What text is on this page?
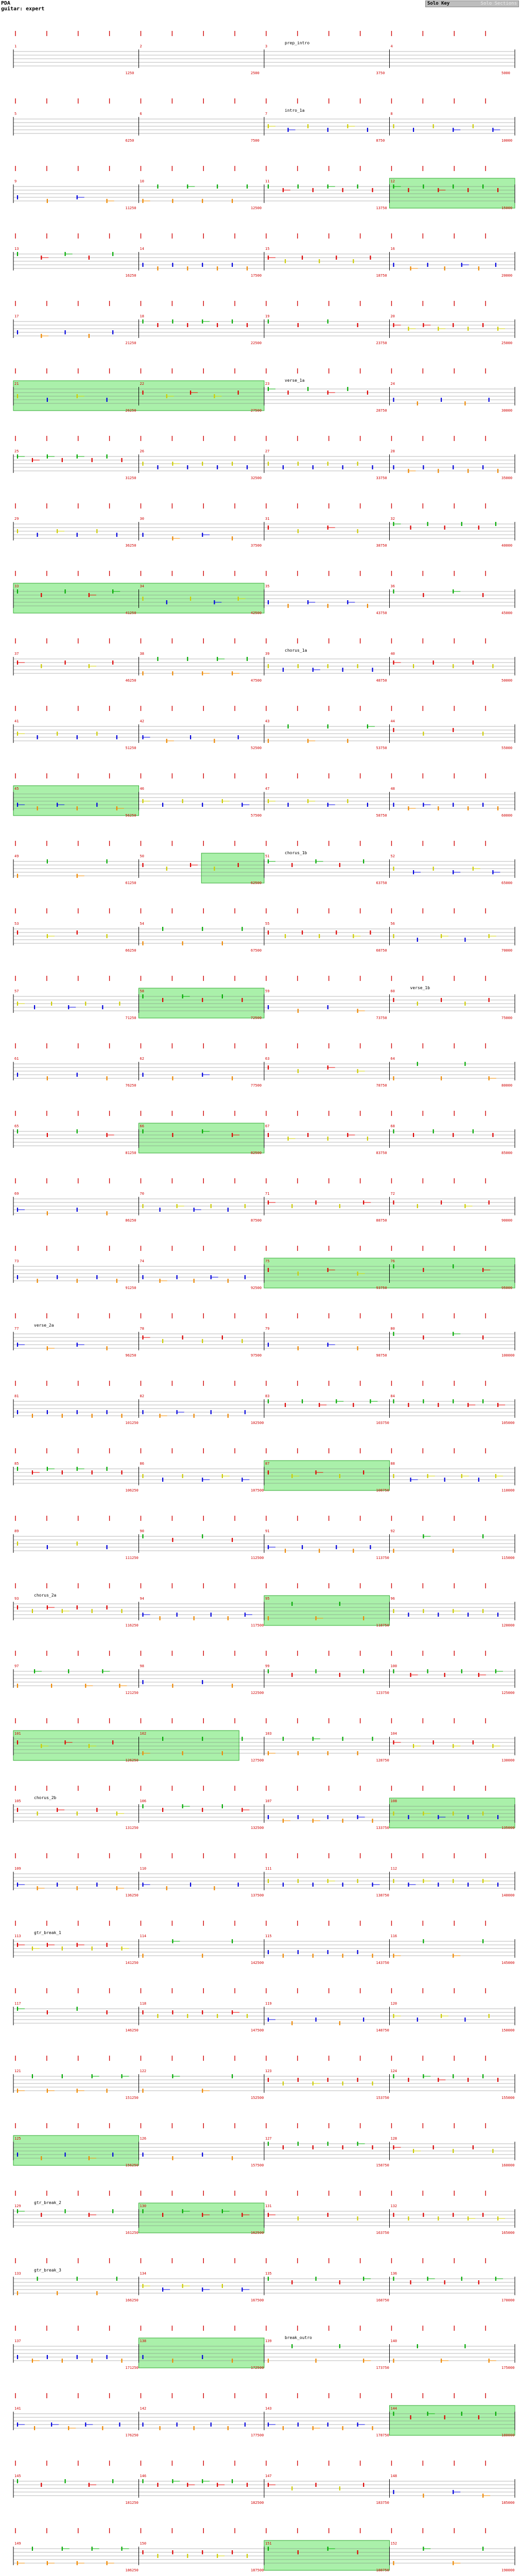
PDA
guitar: expert
Solo Key	Solo Sections
1
1250
2
2500
3
3750
4
5000
prep_intro
5
6250
6
7500
7
8750
8
10000
intro_1a
9
11250
10
12500
11
13750
12
15000
13
16250
14
17500
15
18750
16
20000
17
21250
18
22500
19
23750
20
25000
21
26250
22
27500
23
28750
24
30000
verse_1a
25
31250
26
32500
27
33750
28
35000
29
36250
30
37500
31
38750
32
40000
33
41250
34
42500
35
43750
36
45000
37
46250
38
47500
39
48750
40
50000
chorus_1a
41
51250
42
52500
43
53750
44
55000
45
56250
46
57500
47
58750
48
60000
49
61250
50
62500
51
63750
52
65000
chorus_1b
53
66250
54
67500
55
68750
56
70000
57
71250
58
72500
59
73750
60
75000
verse_1b
61
76250
62
77500
63
78750
64
80000
65
81250
66
82500
67
83750
68
85000
69
86250
70
87500
71
88750
72
90000
73
91250
74
92500
75
93750
76
95000
77
96250
78
97500
79
98750
80
100000
verse_2a
81
101250
82
102500
83
103750
84
105000
85
106250
86
107500
87
108750
88
110000
89
111250
90
112500
91
113750
92
115000
93
116250
94
117500
95
118750
96
120000
chorus_2a
97
121250
98
122500
99
123750
100
125000
101
126250
102
127500
103
128750
104
130000
105
131250
106
132500
107
133750
108
135000
chorus_2b
109
136250
110
137500
111
138750
112
140000
113
141250
114
142500
115
143750
116
145000
gtr_break_1
117
146250
118
147500
119
148750
120
150000
121
151250
122
152500
123
153750
124
155000
125
156250
126
157500
127
158750
128
160000
129
161250
130
162500
131
163750
132
165000
gtr_break_2
133
166250
134
167500
135
168750
136
170000
gtr_break_3
137
171250
138
172500
139
173750
140
175000
break_outro
141
176250
142
177500
143
178750
144
180000
145
181250
146
182500
147
183750
148
185000
149
186250
150
187500
151
188750
152
190000
